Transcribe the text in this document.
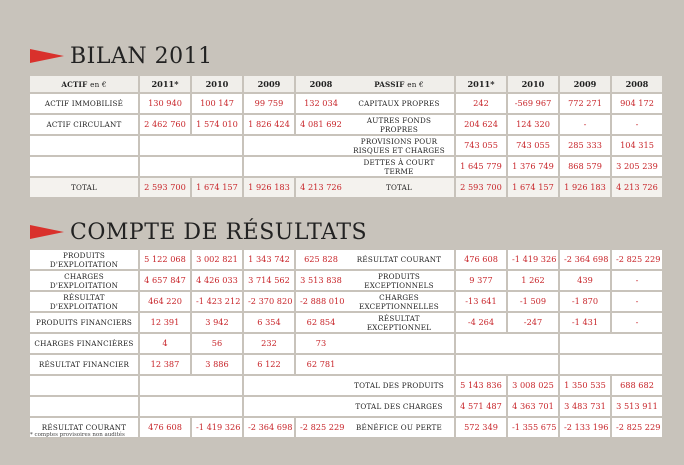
BILAN 2011
ACTIF en €	2011*	2010	2009	2008
ACTIF IMMOBILISÉ	130 940	100 147	99 759	132 034
ACTIF CIRCULANT	2 462 760	1 574 010	1 826 424	4 081 692

TOTAL	2 593 700	1 674 157	1 926 183	4 213 726
PASSIF en €	2011*	2010	2009	2008
CAPITAUX PROPRES	242	-569 967	772 271	904 172
AUTRES FONDS PROPRES	204 624	124 320	-	-
PROVISIONS POUR RISQUES ET CHARGES	743 055	743 055	285 333	104 315
DETTES À COURT TERME	1 645 779	1 376 749	868 579	3 205 239
TOTAL	2 593 700	1 674 157	1 926 183	4 213 726
COMPTE DE RÉSULTATS
PRODUITS D'EXPLOITATION	5 122 068	3 002 821	1 343 742	625 828
CHARGES D'EXPLOITATION	4 657 847	4 426 033	3 714 562	3 513 838
RÉSULTAT D'EXPLOITATION	464 220	-1 423 212	-2 370 820	-2 888 010
PRODUITS FINANCIERS	12 391	3 942	6 354	62 854
CHARGES FINANCIÈRES	4	56	232	73
RÉSULTAT FINANCIER	12 387	3 886	6 122	62 781

RÉSULTAT COURANT	476 608	-1 419 326	-2 364 698	-2 825 229
RÉSULTAT COURANT	476 608	-1 419 326	-2 364 698	-2 825 229
PRODUITS EXCEPTIONNELS	9 377	1 262	439	-
CHARGES EXCEPTIONNELLES	-13 641	-1 509	-1 870	-
RÉSULTAT EXCEPTIONNEL	-4 264	-247	-1 431	-

TOTAL DES PRODUITS	5 143 836	3 008 025	1 350 535	688 682
TOTAL DES CHARGES	4 571 487	4 363 701	3 483 731	3 513 911
BÉNÉFICE OU PERTE	572 349	-1 355 675	-2 133 196	-2 825 229
* comptes provisoires non audités
